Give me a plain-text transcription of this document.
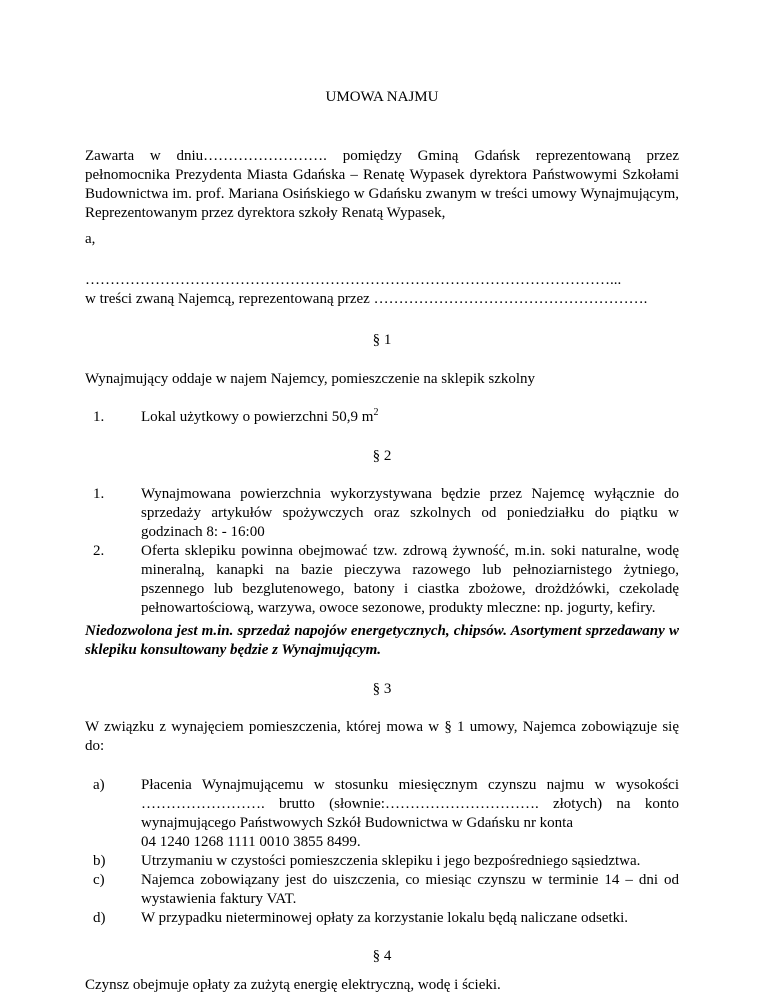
UMOWA NAJMU

Zawarta w dniu……………………. pomiędzy Gminą Gdańsk reprezentowaną przez pełnomocnika Prezydenta Miasta Gdańska – Renatę Wypasek dyrektora Państwowymi Szkołami Budownictwa im. prof. Mariana Osińskiego w Gdańsku zwanym w treści umowy Wynajmującym, Reprezentowanym przez dyrektora szkoły Renatą Wypasek,

a,

……………………………………………………………………………………………...

w treści zwaną Najemcą, reprezentowaną przez ……………………………………………….

§ 1

Wynajmujący oddaje w najem Najemcy, pomieszczenie na sklepik szkolny

1. Lokal użytkowy o powierzchni 50,9 $m^2$

§ 2

1. Wynajmowana powierzchnia wykorzystywana będzie przez Najemcę wyłącznie do sprzedaży artykułów spożywczych oraz szkolnych od poniedziałku do piątku w godzinach 8: - 16:00
2. Oferta sklepiku powinna obejmować tzw. zdrową żywność, m.in. soki naturalne, wodę mineralną, kanapki na bazie pieczywa razowego lub pełnoziarnistego żytniego, pszennego lub bezglutenowego, batony i ciastka zbożowe, drożdżówki, czekoladę pełnowartościową, warzywa, owoce sezonowe, produkty mleczne: np. jogurty, kefiry.

Niedozwolona jest m.in. sprzedaż napojów energetycznych, chipsów. Asortyment sprzedawany w sklepiku konsultowany będzie z Wynajmującym.

§ 3

W związku z wynajęciem pomieszczenia, której mowa w § 1 umowy, Najemca zobowiązuje się do:

a) Płacenia Wynajmującemu w stosunku miesięcznym czynszu najmu w wysokości ……………………. brutto (słownie:…………………………. złotych) na konto wynajmującego Państwowych Szkół Budownictwa w Gdańsku nr konta
04 1240 1268 1111 0010 3855 8499.
b) Utrzymaniu w czystości pomieszczenia sklepiku i jego bezpośredniego sąsiedztwa.
c) Najemca zobowiązany jest do uiszczenia, co miesiąc czynszu w terminie 14 – dni od wystawienia faktury VAT.
d) W przypadku nieterminowej opłaty za korzystanie lokalu będą naliczane odsetki.

§ 4

Czynsz obejmuje opłaty za zużytą energię elektryczną, wodę i ścieki.
